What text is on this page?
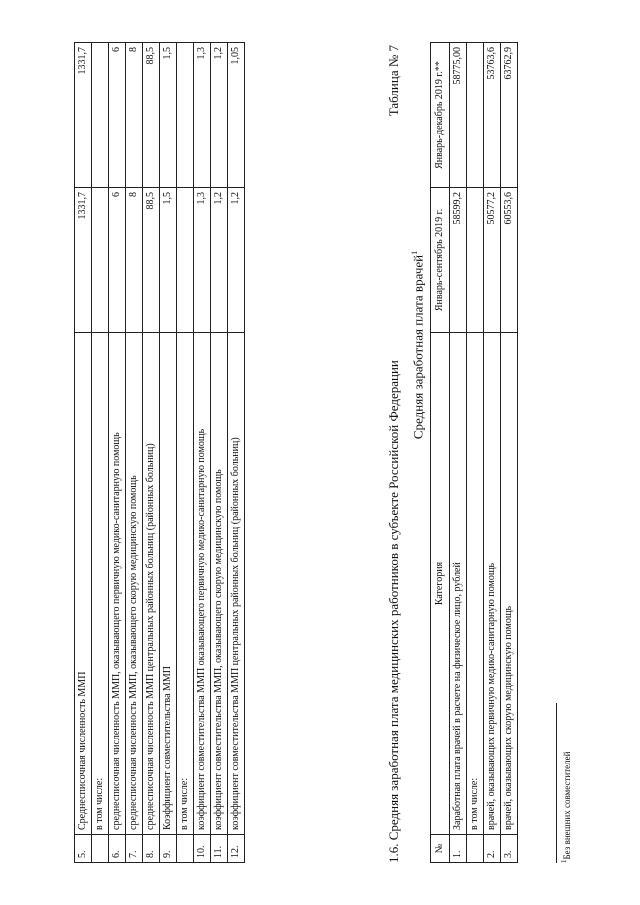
5.	Среднесписочная численность ММП	1331,7	1331,7
	в том числе:		
6.	среднесписочная численность ММП, оказывающего первичную медико-санитарную помощь	6	6
7.	среднесписочная численность ММП, оказывающего скорую медицинскую помощь	8	8
8.	среднесписочная численность ММП центральных районных больниц (районных больниц)	88,5	88,5
9.	Коэффициент совместительства ММП	1,5	1,5
	в том числе:		
10.	коэффициент совместительства ММП оказывающего первичную медико-санитарную помощь	1,3	1,3
11.	коэффициент совместительства ММП, оказывающего скорую медицинскую помощь	1,2	1,2
12.	коэффициент совместительства ММП центральных районных больниц (районных больниц)	1,2	1,05
1.6. Средняя заработная плата медицинских работников в субъекте Российской Федерации
Таблица № 7
Средняя заработная плата врачей$^1$
№	Категория	Январь-сентябрь 2019 г.	Январь-декабрь 2019 г.**
1.	Заработная плата врачей в расчете на физическое лицо, рублей	58599,2	58775,00
	в том числе:		
2.	врачей, оказывающих первичную медико-санитарную помощь	50577,2	53763,6
3.	врачей, оказывающих скорую медицинскую помощь	60553,6	63762,9
$^1$Без внешних совместителей
